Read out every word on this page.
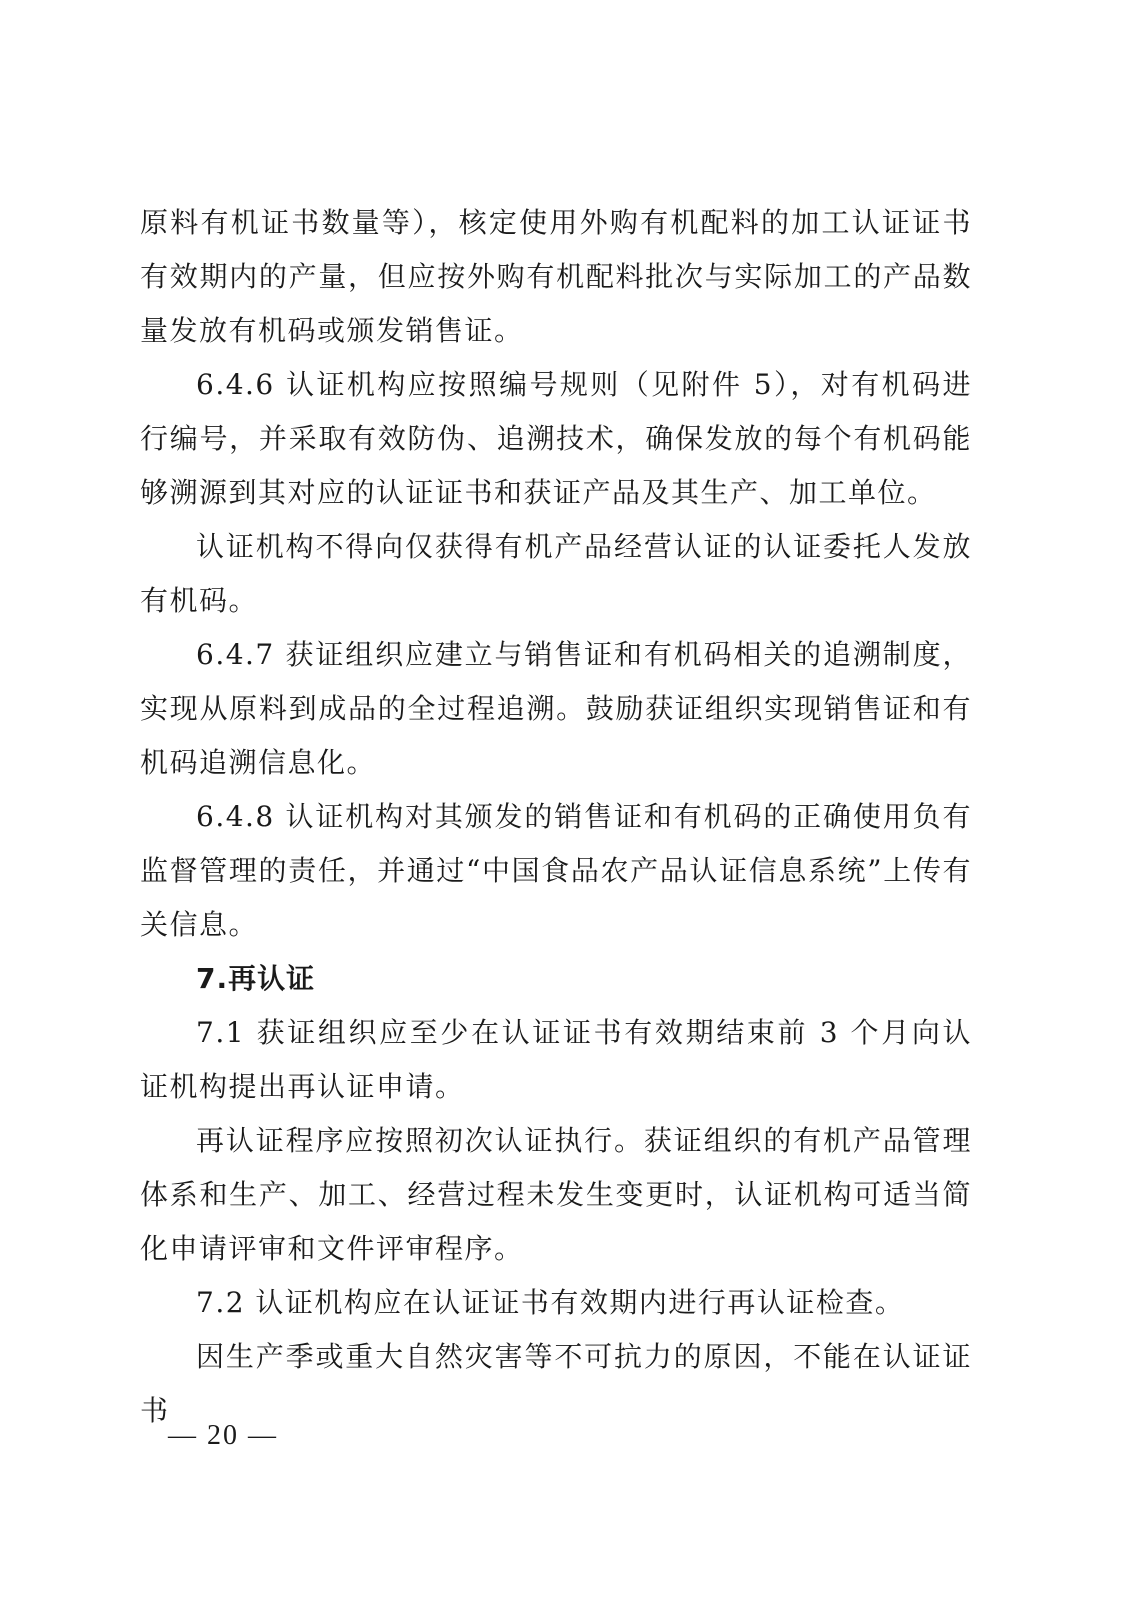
原料有机证书数量等），核定使用外购有机配料的加工认证证书有效期内的产量，但应按外购有机配料批次与实际加工的产品数量发放有机码或颁发销售证。

6.4.6 认证机构应按照编号规则（见附件 5），对有机码进行编号，并采取有效防伪、追溯技术，确保发放的每个有机码能够溯源到其对应的认证证书和获证产品及其生产、加工单位。

认证机构不得向仅获得有机产品经营认证的认证委托人发放有机码。

6.4.7 获证组织应建立与销售证和有机码相关的追溯制度，实现从原料到成品的全过程追溯。鼓励获证组织实现销售证和有机码追溯信息化。

6.4.8 认证机构对其颁发的销售证和有机码的正确使用负有监督管理的责任，并通过“中国食品农产品认证信息系统”上传有关信息。

7.再认证

7.1 获证组织应至少在认证证书有效期结束前 3 个月向认证机构提出再认证申请。

再认证程序应按照初次认证执行。获证组织的有机产品管理体系和生产、加工、经营过程未发生变更时，认证机构可适当简化申请评审和文件评审程序。

7.2 认证机构应在认证证书有效期内进行再认证检查。

因生产季或重大自然灾害等不可抗力的原因，不能在认证证书

— 20 —
